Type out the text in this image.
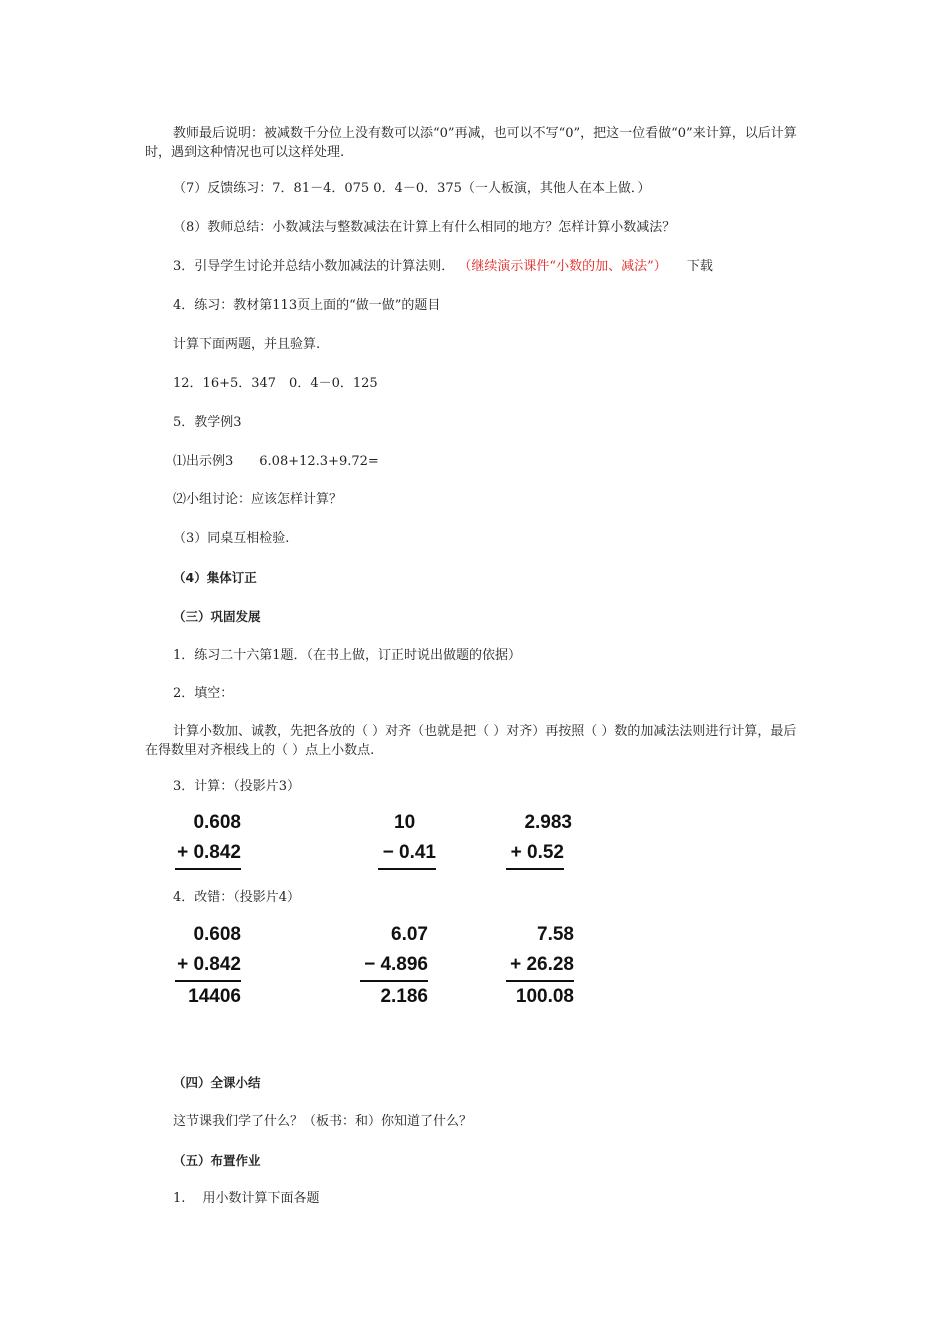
教师最后说明：被减数千分位上没有数可以添“0”再减，也可以不写“0”，把这一位看做“0”来计算，以后计算时，遇到这种情况也可以这样处理.
（7）反馈练习：7．81－4．075 0．4－0．375（一人板演，其他人在本上做．）
（8）教师总结：小数减法与整数减法在计算上有什么相同的地方？怎样计算小数减法？
3．引导学生讨论并总结小数加减法的计算法则． （继续演示课件“小数的加、减法”） 下载
4．练习：教材第113页上面的“做一做”的题目
计算下面两题，并且验算.
12．16+5．347　0．4－0．125
5．教学例3
⑴出示例3　　6.08+12.3+9.72=
⑵小组讨论：应该怎样计算？
（3）同桌互相检验.
（4）集体订正
（三）巩固发展
1．练习二十六第1题．（在书上做，订正时说出做题的依据）
2．填空：
计算小数加、诚教，先把各放的（ ）对齐（也就是把（ ）对齐）再按照（ ）数的加减法法则进行计算，最后在得数里对齐根线上的（ ）点上小数点.
3．计算：（投影片3）
0.608
+ 0.842
10
− 0.41
2.983
+ 0.52
4．改错：（投影片4）
0.608
+ 0.842
14406
6.07
− 4.896
2.186
7.58
+ 26.28
100.08
（四）全课小结
这节课我们学了什么？（板书：和）你知道了什么？
（五）布置作业
1.　 用小数计算下面各题
